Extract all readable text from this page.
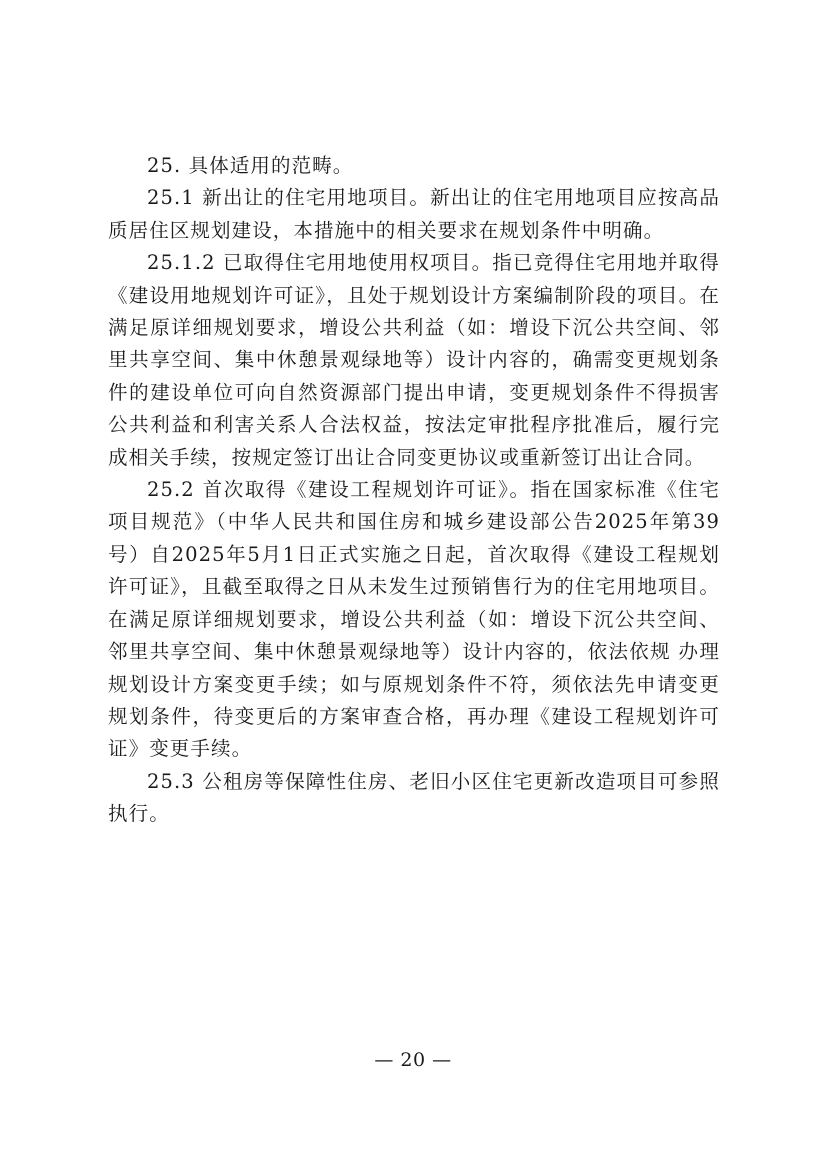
25. 具体适用的范畴。

25.1 新出让的住宅用地项目。新出让的住宅用地项目应按高品质居住区规划建设，本措施中的相关要求在规划条件中明确。

25.1.2 已取得住宅用地使用权项目。指已竞得住宅用地并取得《建设用地规划许可证》，且处于规划设计方案编制阶段的项目。在满足原详细规划要求，增设公共利益（如：增设下沉公共空间、邻里共享空间、集中休憩景观绿地等）设计内容的，确需变更规划条件的建设单位可向自然资源部门提出申请，变更规划条件不得损害公共利益和利害关系人合法权益，按法定审批程序批准后，履行完成相关手续，按规定签订出让合同变更协议或重新签订出让合同。

25.2 首次取得《建设工程规划许可证》。指在国家标准《住宅项目规范》（中华人民共和国住房和城乡建设部公告2025年第39号）自2025年5月1日正式实施之日起，首次取得《建设工程规划许可证》，且截至取得之日从未发生过预销售行为的住宅用地项目。在满足原详细规划要求，增设公共利益（如：增设下沉公共空间、邻里共享空间、集中休憩景观绿地等）设计内容的，依法依规 办理规划设计方案变更手续；如与原规划条件不符，须依法先申请变更规划条件，待变更后的方案审查合格，再办理《建设工程规划许可证》变更手续。

25.3 公租房等保障性住房、老旧小区住宅更新改造项目可参照执行。

— 20 —
